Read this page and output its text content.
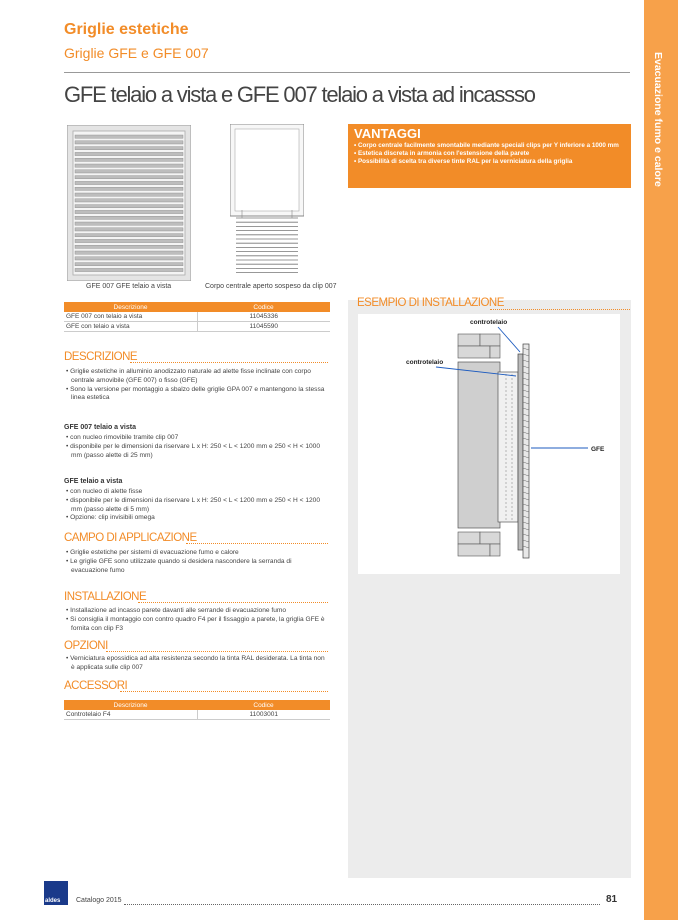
Evacuazione fumo e calore
Griglie estetiche
Griglie GFE e GFE 007
GFE telaio a vista e GFE 007 telaio a vista ad incassso
GFE 007 GFE telaio a vista	Corpo centrale aperto sospeso da clip 007
VANTAGGI
• Corpo centrale facilmente smontabile mediante speciali clips per Y inferiore a 1000 mm
• Estetica discreta in armonia con l'estensione della parete
• Possibilità di scelta tra diverse tinte RAL per la verniciatura della griglia
Descrizione	Codice
GFE 007 con telaio a vista	11045336
GFE con telaio a vista	11045590
DESCRIZIONE
• Griglie estetiche in alluminio anodizzato naturale ad alette fisse inclinate con corpo centrale amovibile (GFE 007) o fisso (GFE)
• Sono la versione per montaggio a sbalzo delle griglie GPA 007 e mantengono la stessa linea estetica
GFE 007 telaio a vista
• con nucleo rimovibile tramite clip 007
• disponibile per le dimensioni da riservare L x H: 250 < L < 1200 mm e 250 < H < 1000 mm (passo alette di 25 mm)
GFE telaio a vista
• con nucleo di alette fisse
• disponibile per le dimensioni da riservare L x H: 250 < L < 1200 mm e 250 < H < 1200 mm (passo alette di 5 mm)
• Opzione: clip invisibili omega
CAMPO DI APPLICAZIONE
• Griglie estetiche per sistemi di evacuazione fumo e calore
• Le griglie GFE sono utilizzate quando si desidera nascondere la serranda di evacuazione fumo
INSTALLAZIONE
• Installazione ad incasso parete davanti alle serrande di evacuazione fumo
• Si consiglia il montaggio con contro quadro F4 per il fissaggio a parete, la griglia GFE è fornita con clip F3
OPZIONI
• Verniciatura epossidica ad alta resistenza secondo la tinta RAL desiderata. La tinta non è applicata sulle clip 007
ACCESSORI
Descrizione	Codice
Controtelaio F4	11003001
ESEMPIO DI INSTALLAZIONE
controtelaio
controtelaio
GFE
aldes Catalogo 2015	81
